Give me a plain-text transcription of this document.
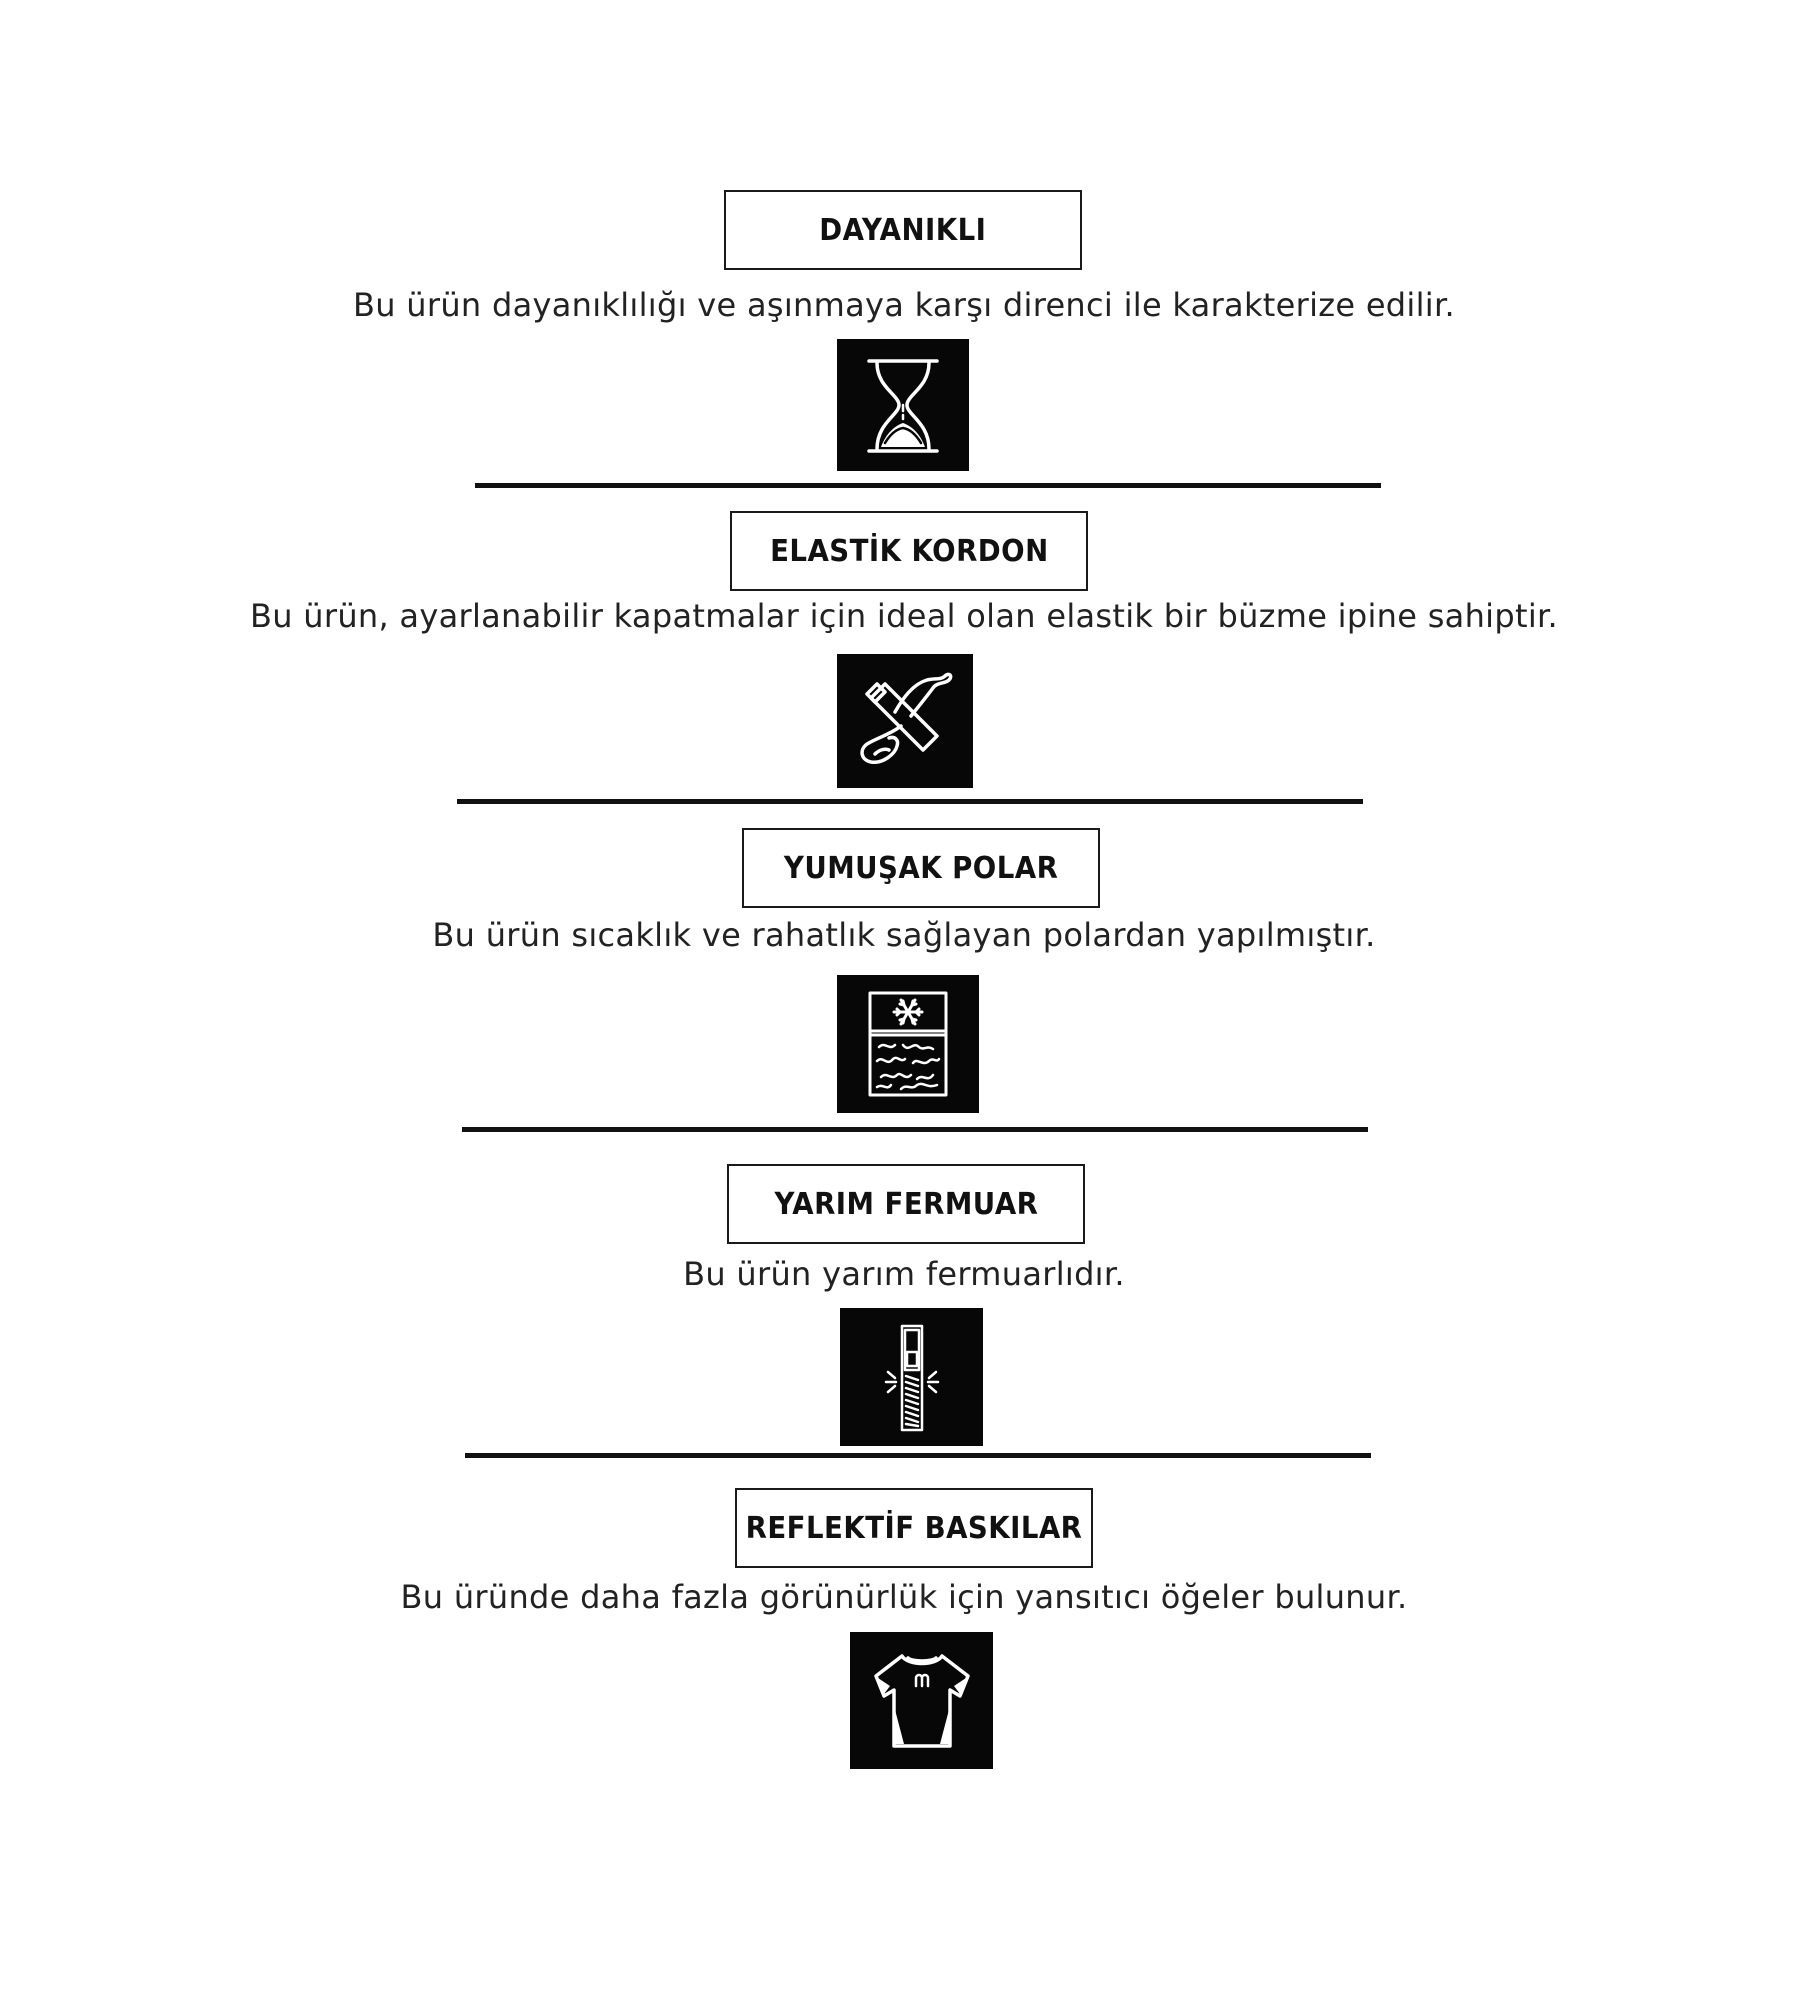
DAYANIKLI
Bu ürün dayanıklılığı ve aşınmaya karşı direnci ile karakterize edilir.
ELASTİK KORDON
Bu ürün, ayarlanabilir kapatmalar için ideal olan elastik bir büzme ipine sahiptir.
YUMUŞAK POLAR
Bu ürün sıcaklık ve rahatlık sağlayan polardan yapılmıştır.
YARIM FERMUAR
Bu ürün yarım fermuarlıdır.
REFLEKTİF BASKILAR
Bu üründe daha fazla görünürlük için yansıtıcı öğeler bulunur.
